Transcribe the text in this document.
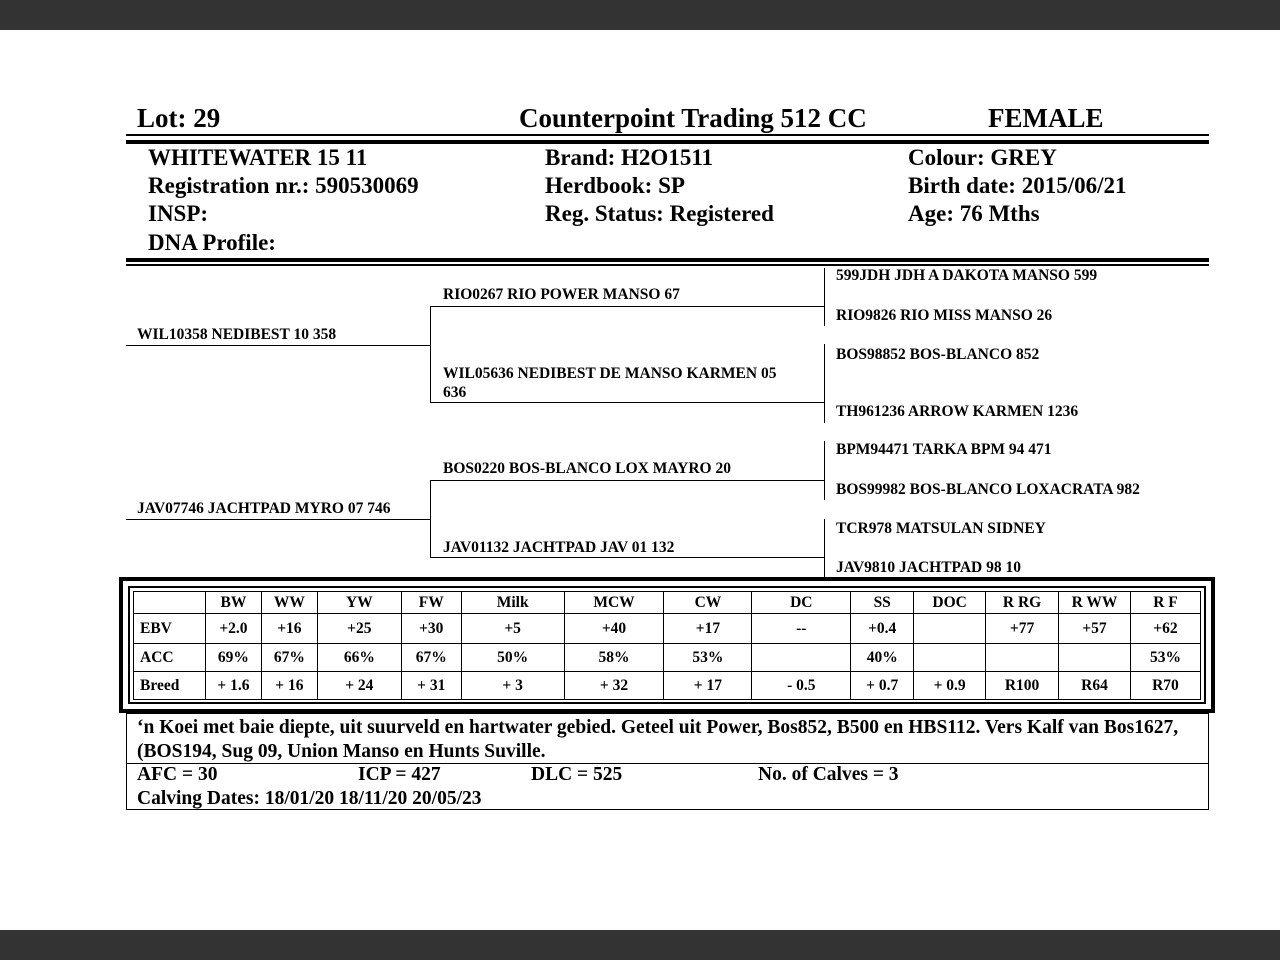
Lot: 29	Counterpoint Trading 512 CC	FEMALE
WHITEWATER 15 11
Registration nr.: 590530069
INSP:
DNA Profile:
Brand: H2O1511
Herdbook: SP
Reg. Status: Registered
Colour: GREY
Birth date: 2015/06/21
Age: 76 Mths
WIL10358 NEDIBEST 10 358
RIO0267 RIO POWER MANSO 67
WIL05636 NEDIBEST DE MANSO KARMEN 05
636
JAV07746 JACHTPAD MYRO 07 746
BOS0220 BOS-BLANCO LOX MAYRO 20
JAV01132 JACHTPAD JAV 01 132
599JDH JDH A DAKOTA MANSO 599
RIO9826 RIO MISS MANSO 26
BOS98852 BOS-BLANCO 852
TH961236 ARROW KARMEN 1236
BPM94471 TARKA BPM 94 471
BOS99982 BOS-BLANCO LOXACRATA 982
TCR978 MATSULAN SIDNEY
JAV9810 JACHTPAD 98 10
	BW	WW	YW	FW	Milk	MCW	CW	DC	SS	DOC	R RG	R WW	R F
EBV	+2.0	+16	+25	+30	+5	+40	+17	--	+0.4		+77	+57	+62
ACC	69%	67%	66%	67%	50%	58%	53%		40%				53%
Breed	+ 1.6	+ 16	+ 24	+ 31	+ 3	+ 32	+ 17	- 0.5	+ 0.7	+ 0.9	R100	R64	R70
‘n Koei met baie diepte, uit suurveld en hartwater gebied. Geteel uit Power, Bos852, B500 en HBS112. Vers Kalf van Bos1627, (BOS194, Sug 09, Union Manso en Hunts Suville.
AFC = 30	ICP = 427	DLC = 525	No. of Calves = 3
Calving Dates: 18/01/20 18/11/20 20/05/23
